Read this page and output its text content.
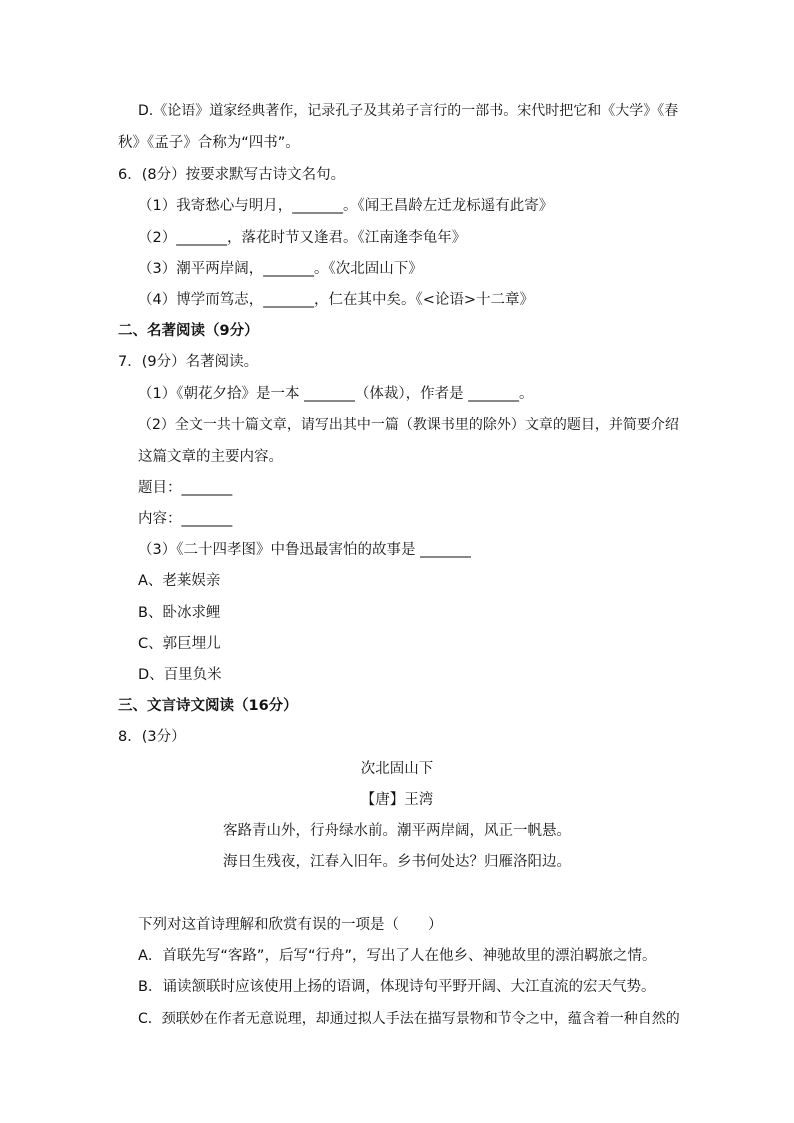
D.《论语》道家经典著作，记录孔子及其弟子言行的一部书。宋代时把它和《大学》《春
秋》《孟子》合称为“四书”。
6．(8分）按要求默写古诗文名句。
（1）我寄愁心与明月，_______。《闻王昌龄左迁龙标遥有此寄》
（2）_______，落花时节又逢君。《江南逢李龟年》
（3）潮平两岸阔，_______。《次北固山下》
（4）博学而笃志，_______，仁在其中矣。《<论语>十二章》
二、名著阅读（9分）
7．(9分）名著阅读。
（1）《朝花夕拾》是一本 _______（体裁），作者是 _______。
（2）全文一共十篇文章，请写出其中一篇（教课书里的除外）文章的题目，并简要介绍
这篇文章的主要内容。
题目：_______
内容：_______
（3）《二十四孝图》中鲁迅最害怕的故事是 _______
A、老莱娱亲
B、卧冰求鲤
C、郭巨埋儿
D、百里负米
三、文言诗文阅读（16分）
8．(3分）
次北固山下
【唐】王湾
客路青山外，行舟绿水前。潮平两岸阔，风正一帆悬。
海日生残夜，江春入旧年。乡书何处达？归雁洛阳边。
下列对这首诗理解和欣赏有误的一项是（　　）
A．首联先写“客路”，后写“行舟”，写出了人在他乡、神驰故里的漂泊羁旅之情。
B．诵读颔联时应该使用上扬的语调，体现诗句平野开阔、大江直流的宏天气势。
C．颈联妙在作者无意说理，却通过拟人手法在描写景物和节令之中，蕴含着一种自然的
